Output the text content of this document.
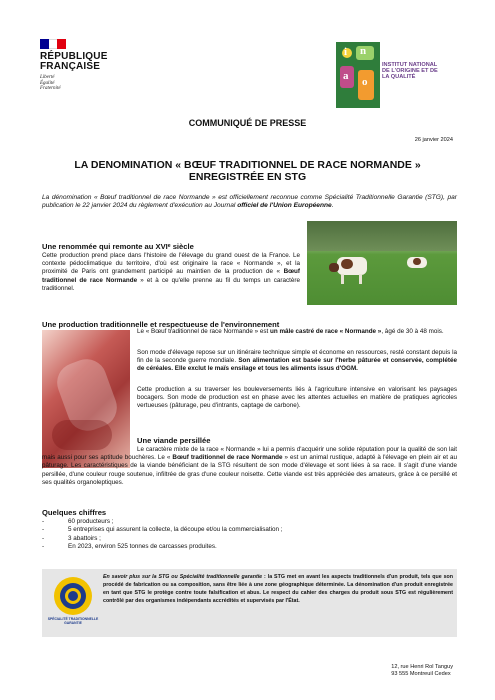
RÉPUBLIQUE
FRANÇAISE
Liberté
Égalité
Fraternité
i n
a o
INSTITUT NATIONAL
DE L'ORIGINE ET DE
LA QUALITÉ
COMMUNIQUÉ DE PRESSE
26 janvier 2024
LA DENOMINATION « BŒUF TRADITIONNEL DE RACE NORMANDE »
ENREGISTRÉE EN STG
La dénomination « Bœuf traditionnel de race Normande » est officiellement reconnue comme Spécialité Traditionnelle Garantie (STG), par publication le 22 janvier 2024 du règlement d'exécution au Journal officiel de l'Union Européenne.
Une renommée qui remonte au XVIᵉ siècle
Cette production prend place dans l'histoire de l'élevage du grand ouest de la France. Le contexte pédoclimatique du territoire, d'où est originaire la race « Normande », et la proximité de Paris ont grandement participé au maintien de la production de « Bœuf traditionnel de race Normande » et à ce qu'elle prenne au fil du temps un caractère traditionnel.
Une production traditionnelle et respectueuse de l'environnement
Le « Bœuf traditionnel de race Normande » est un mâle castré de race « Normande », âgé de 30 à 48 mois.
Son mode d'élevage repose sur un itinéraire technique simple et économe en ressources, resté constant depuis la fin de la seconde guerre mondiale. Son alimentation est basée sur l'herbe pâturée et conservée, complétée de céréales. Elle exclut le maïs ensilage et tous les aliments issus d'OGM.
Cette production a su traverser les bouleversements liés à l'agriculture intensive en valorisant les paysages bocagers. Son mode de production est en phase avec les attentes actuelles en matière de pratiques agricoles vertueuses (pâturage, peu d'intrants, captage de carbone).
Une viande persillée
Le caractère mixte de la race « Normande » lui a permis d'acquérir une solide réputation pour la qualité de son lait mais aussi pour ses aptitude bouchères. Le « Bœuf traditionnel de race Normande » est un animal rustique, adapté à l'élevage en plein air et au pâturage. Les caractéristiques de la viande bénéficiant de la STG résultent de son mode d'élevage et sont liées à sa race. Il s'agit d'une viande persillée, d'une couleur rouge soutenue, infiltrée de gras d'une couleur noisette. Cette viande est très appréciée des amateurs, grâce à ce persillé et ses qualités organoleptiques.
Quelques chiffres
-	60 producteurs ;
-	5 entreprises qui assurent la collecte, la découpe et/ou la commercialisation ;
-	3 abattoirs ;
-	En 2023, environ 525 tonnes de carcasses produites.
SPÉCIALITÉ TRADITIONNELLE GARANTIE
En savoir plus sur la STG ou Spécialité traditionnelle garantie : la STG met en avant les aspects traditionnels d'un produit, tels que son procédé de fabrication ou sa composition, sans être liée à une zone géographique déterminée. La dénomination d'un produit enregistrée en tant que STG le protège contre toute falsification et abus. Le respect du cahier des charges du produit sous STG est régulièrement contrôlé par des organismes indépendants accrédités et supervisés par l'État.
12, rue Henri Rol Tanguy
93 555 Montreuil Cedex
